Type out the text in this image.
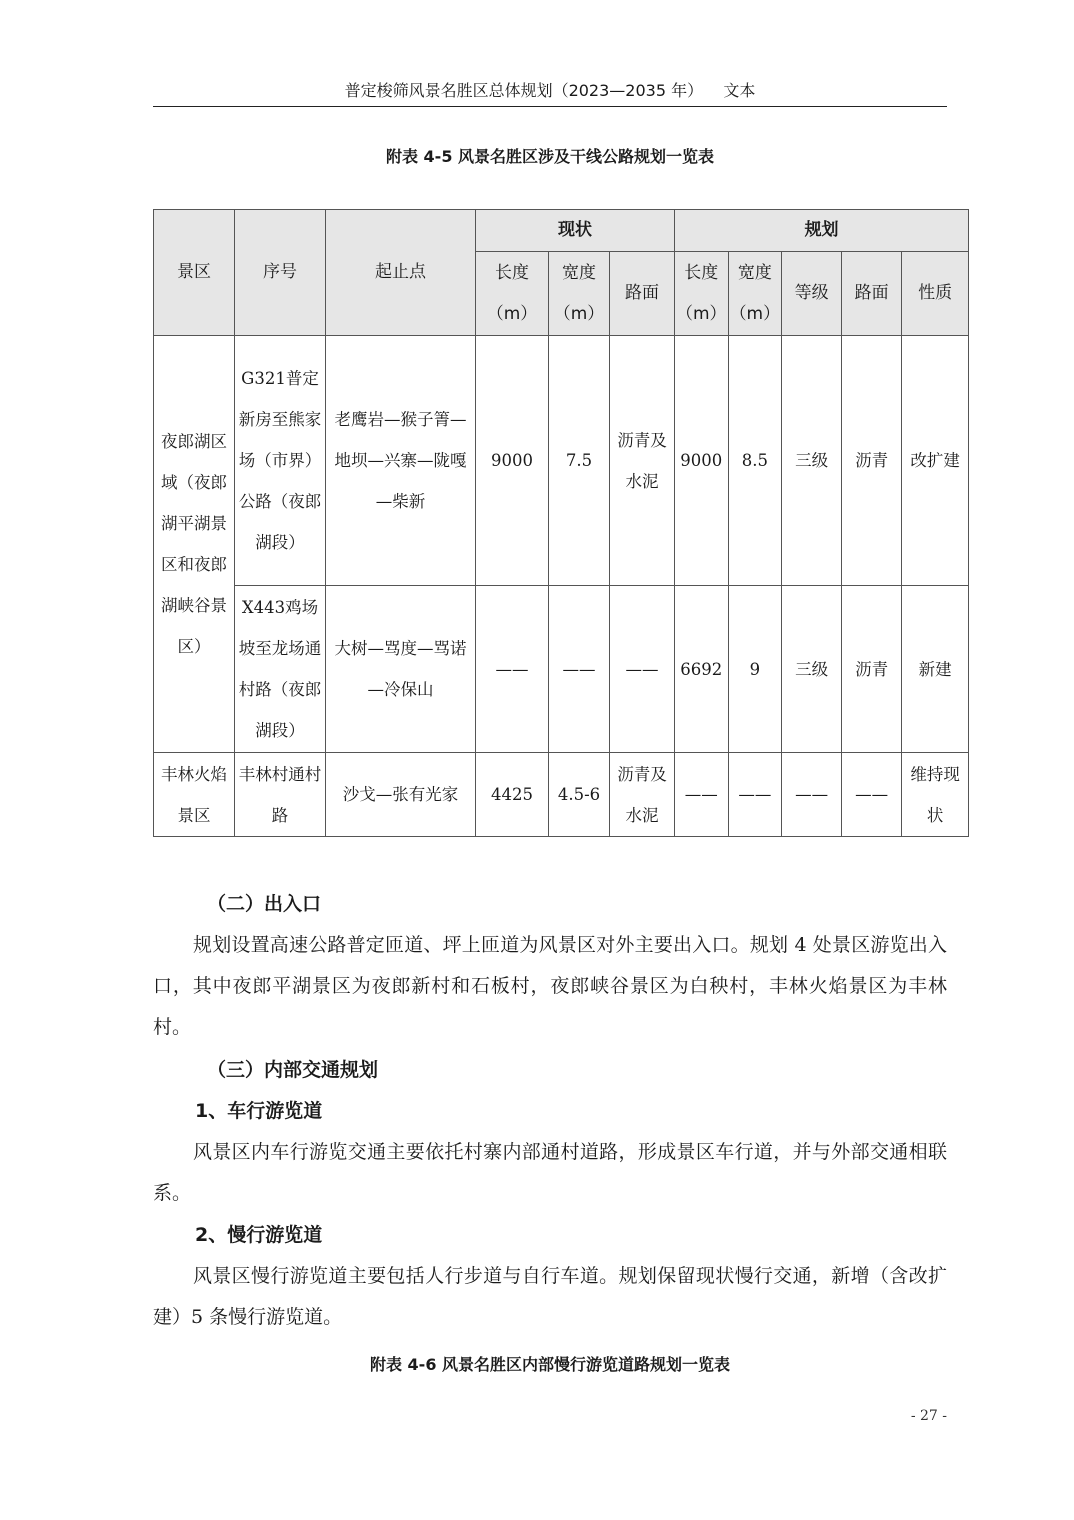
普定梭筛风景名胜区总体规划（2023—2035 年）    文本
附表 4-5 风景名胜区涉及干线公路规划一览表
景区	序号	起止点	现状			规划				
			长度（m）	宽度（m）	路面	长度（m）	宽度（m）	等级	路面	性质
夜郎湖区域（夜郎湖平湖景区和夜郎湖峡谷景区）	G321普定新房至熊家场（市界）公路（夜郎湖段）	老鹰岩—猴子箐—地坝—兴寨—陇嘎—柴新	9000	7.5	沥青及水泥	9000	8.5	三级	沥青	改扩建
	X443鸡场坡至龙场通村路（夜郎湖段）	大树—骂度—骂诺—冷保山	——	——	——	6692	9	三级	沥青	新建
丰林火焰景区	丰林村通村路	沙戈—张有光家	4425	4.5-6	沥青及水泥	——	——	——	——	维持现状
（二）出入口
规划设置高速公路普定匝道、坪上匝道为风景区对外主要出入口。规划 4 处景区游览出入口，其中夜郎平湖景区为夜郎新村和石板村，夜郎峡谷景区为白秧村，丰林火焰景区为丰林村。
（三）内部交通规划
1、车行游览道
风景区内车行游览交通主要依托村寨内部通村道路，形成景区车行道，并与外部交通相联系。
2、慢行游览道
风景区慢行游览道主要包括人行步道与自行车道。规划保留现状慢行交通，新增（含改扩建）5 条慢行游览道。
附表 4-6 风景名胜区内部慢行游览道路规划一览表
- 27 -
